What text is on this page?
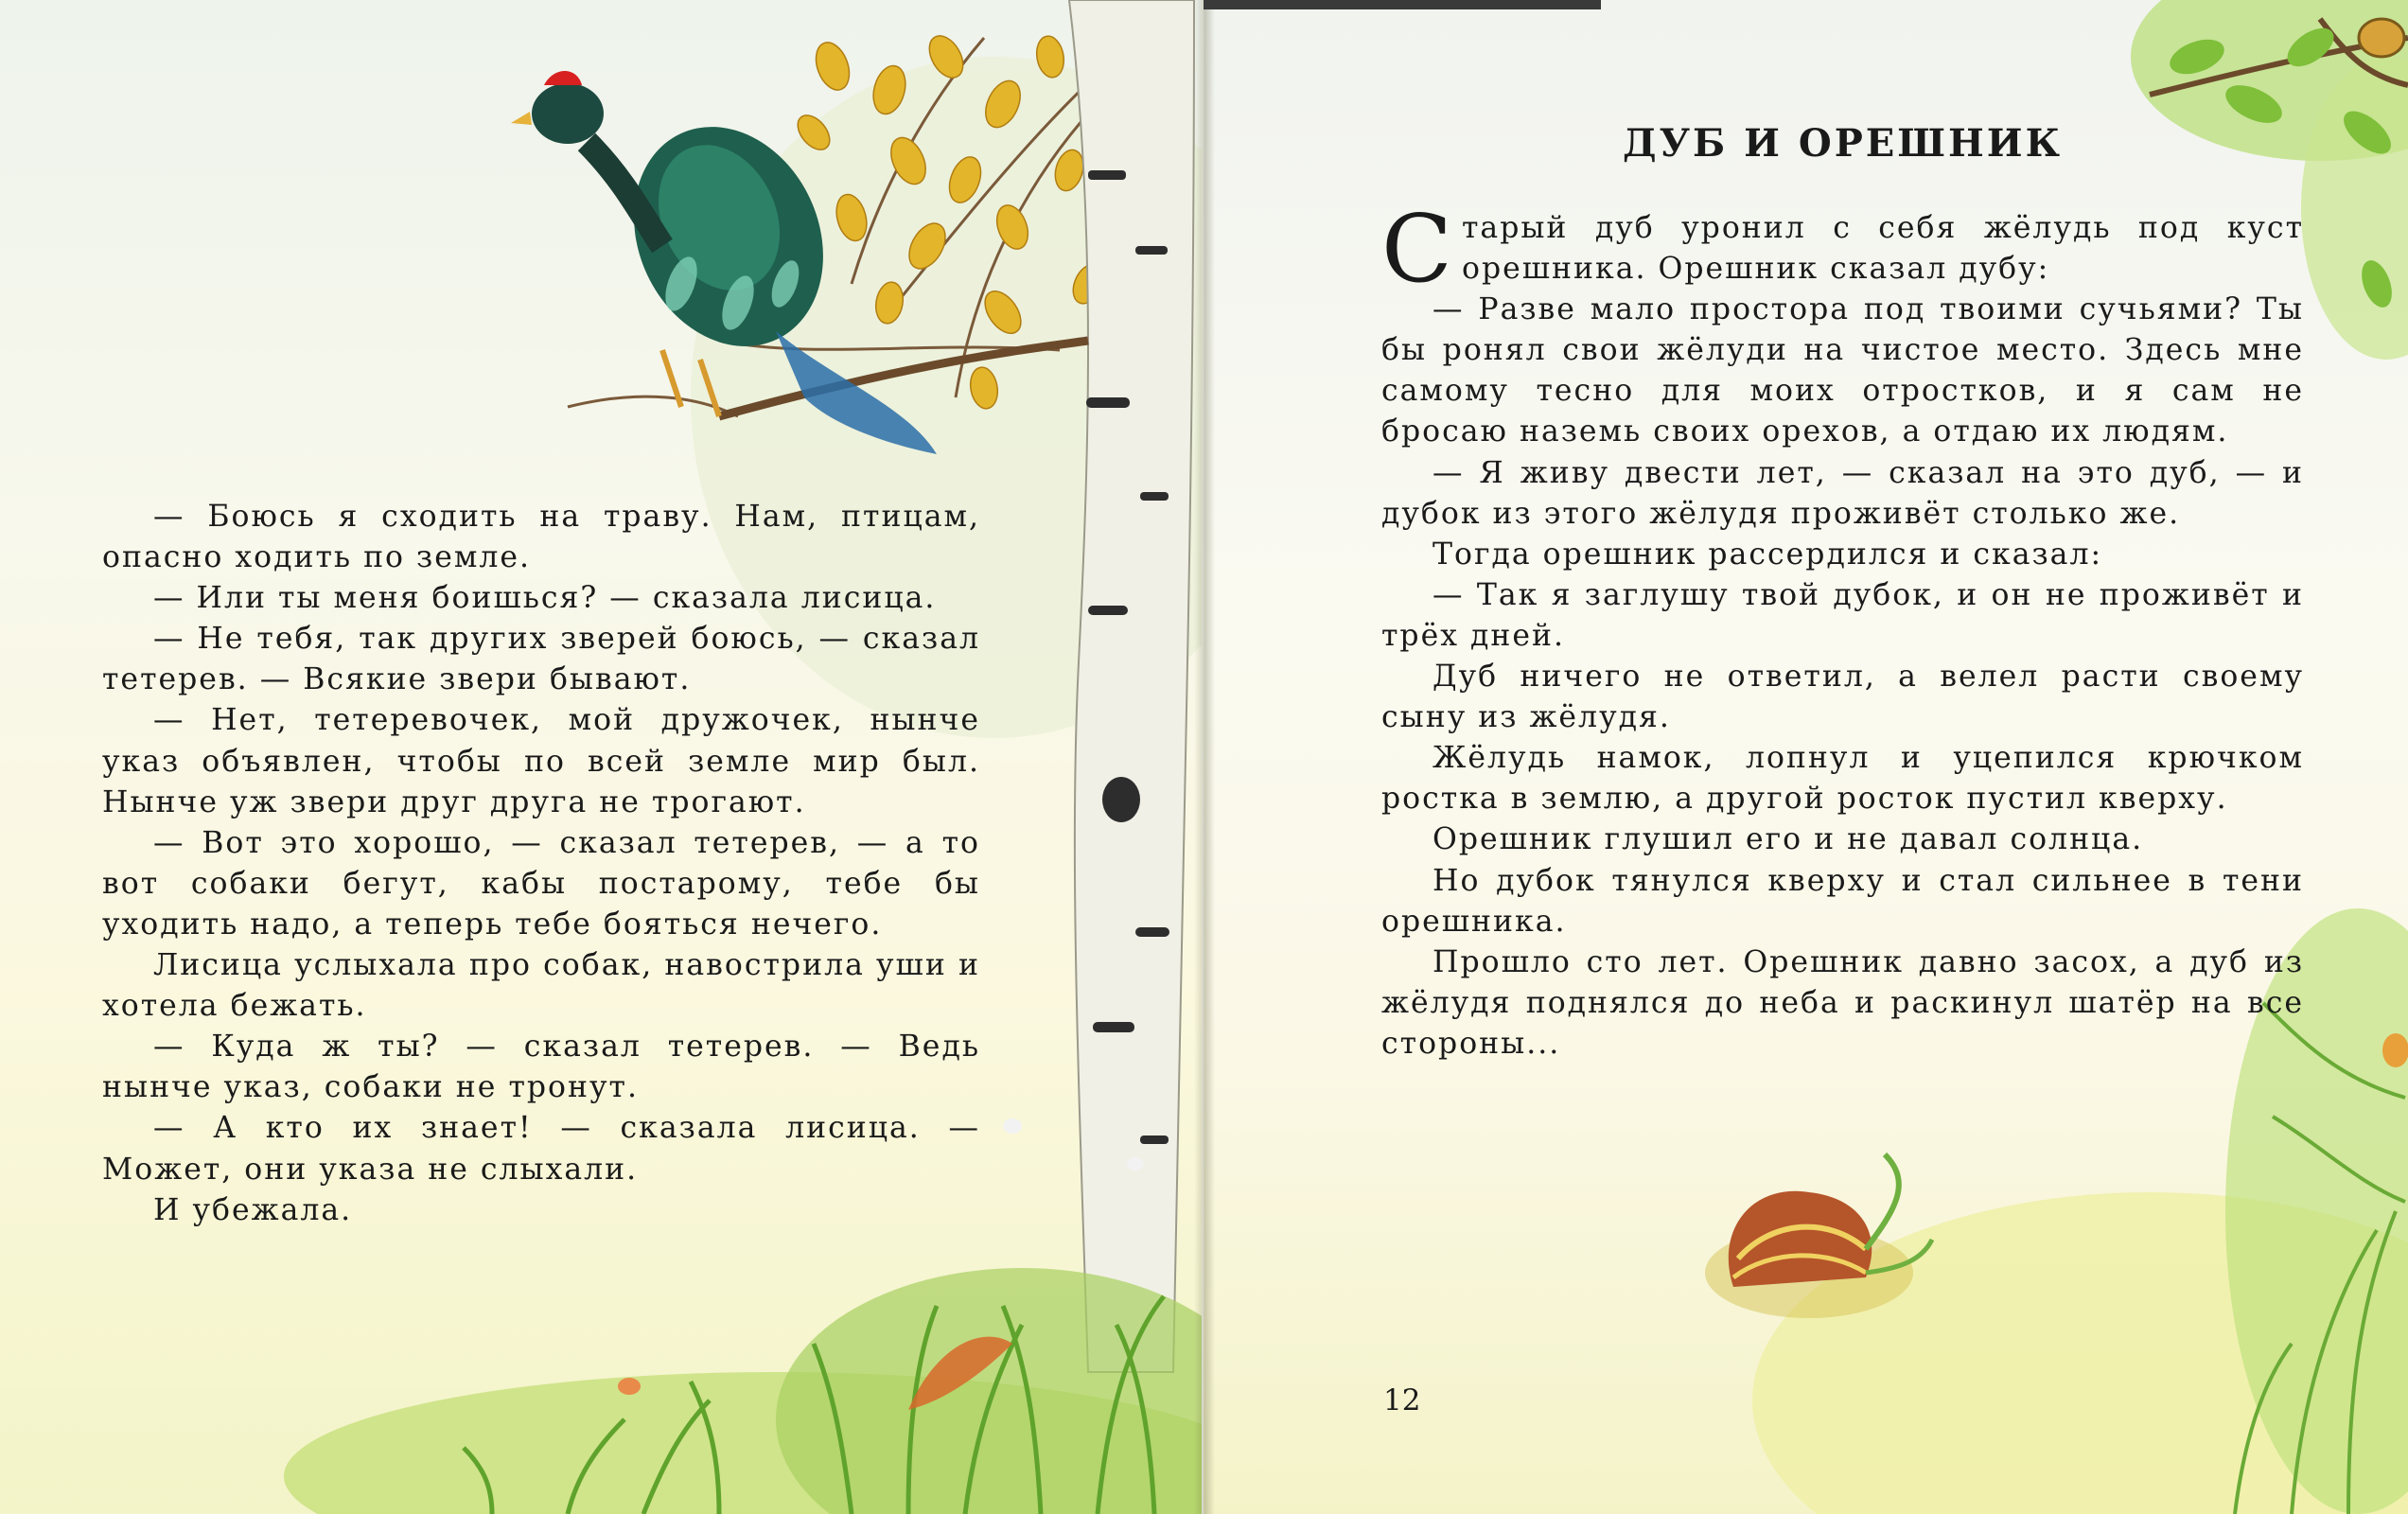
— Боюсь я сходить на траву. Нам, птицам, опасно ходить по земле.

— Или ты меня боишься? — сказала лисица.

— Не тебя, так других зверей боюсь, — сказал тетерев. — Всякие звери бывают.

— Нет, тетеревочек, мой дружочек, нынче указ объявлен, чтобы по всей земле мир был. Нынче уж звери друг друга не трогают.

— Вот это хорошо, — сказал тетерев, — а то вот собаки бегут, кабы постарому, тебе бы уходить надо, а теперь тебе бояться нечего.

Лисица услыхала про собак, навострила уши и хотела бежать.

— Куда ж ты? — сказал тетерев. — Ведь нынче указ, собаки не тронут.

— А кто их знает! — сказала лисица. — Может, они указа не слыхали.

И убежала.

ДУБ И ОРЕШНИК

Старый дуб уронил с себя жёлудь под куст орешника. Орешник сказал дубу:

— Разве мало простора под твоими сучьями? Ты бы ронял свои жёлуди на чистое место. Здесь мне самому тесно для моих отростков, и я сам не бросаю наземь своих орехов, а отдаю их людям.

— Я живу двести лет, — сказал на это дуб, — и дубок из этого жёлудя проживёт столько же.

Тогда орешник рассердился и сказал:

— Так я заглушу твой дубок, и он не проживёт и трёх дней.

Дуб ничего не ответил, а велел расти своему сыну из жёлудя.

Жёлудь намок, лопнул и уцепился крючком ростка в землю, а другой росток пустил кверху.

Орешник глушил его и не давал солнца.

Но дубок тянулся кверху и стал сильнее в тени орешника.

Прошло сто лет. Орешник давно засох, а дуб из жёлудя поднялся до неба и раскинул шатёр на все стороны...

12
